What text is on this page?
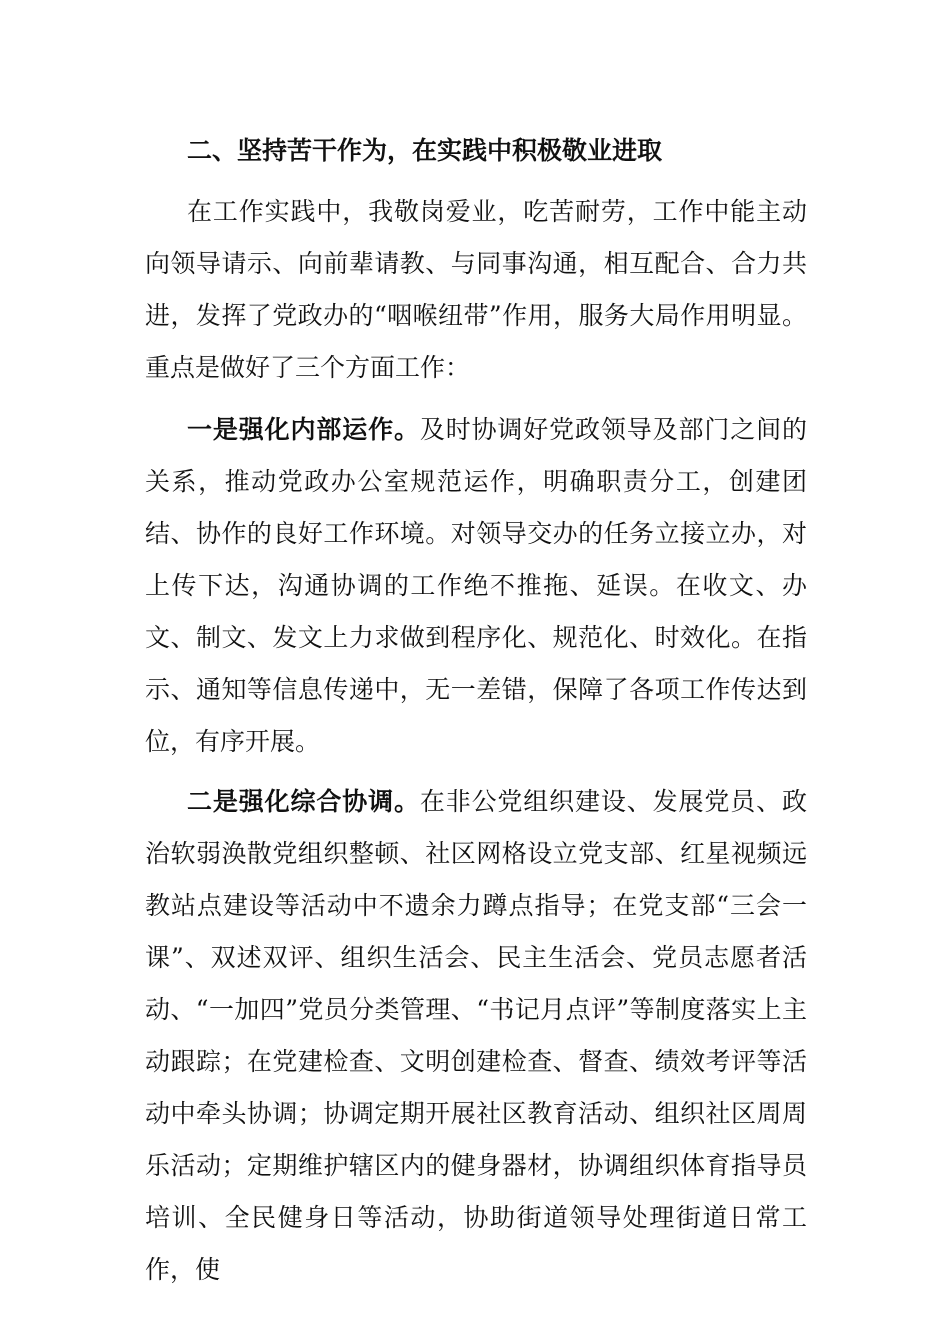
二、坚持苦干作为，在实践中积极敬业进取

在工作实践中，我敬岗爱业，吃苦耐劳，工作中能主动向领导请示、向前辈请教、与同事沟通，相互配合、合力共进，发挥了党政办的“咽喉纽带”作用，服务大局作用明显。重点是做好了三个方面工作：

一是强化内部运作。及时协调好党政领导及部门之间的关系，推动党政办公室规范运作，明确职责分工，创建团结、协作的良好工作环境。对领导交办的任务立接立办，对上传下达，沟通协调的工作绝不推拖、延误。在收文、办文、制文、发文上力求做到程序化、规范化、时效化。在指示、通知等信息传递中，无一差错，保障了各项工作传达到位，有序开展。

二是强化综合协调。在非公党组织建设、发展党员、政治软弱涣散党组织整顿、社区网格设立党支部、红星视频远教站点建设等活动中不遗余力蹲点指导；在党支部“三会一课”、双述双评、组织生活会、民主生活会、党员志愿者活动、“一加四”党员分类管理、“书记月点评”等制度落实上主动跟踪；在党建检查、文明创建检查、督查、绩效考评等活动中牵头协调；协调定期开展社区教育活动、组织社区周周乐活动；定期维护辖区内的健身器材，协调组织体育指导员培训、全民健身日等活动，协助街道领导处理街道日常工作，使
